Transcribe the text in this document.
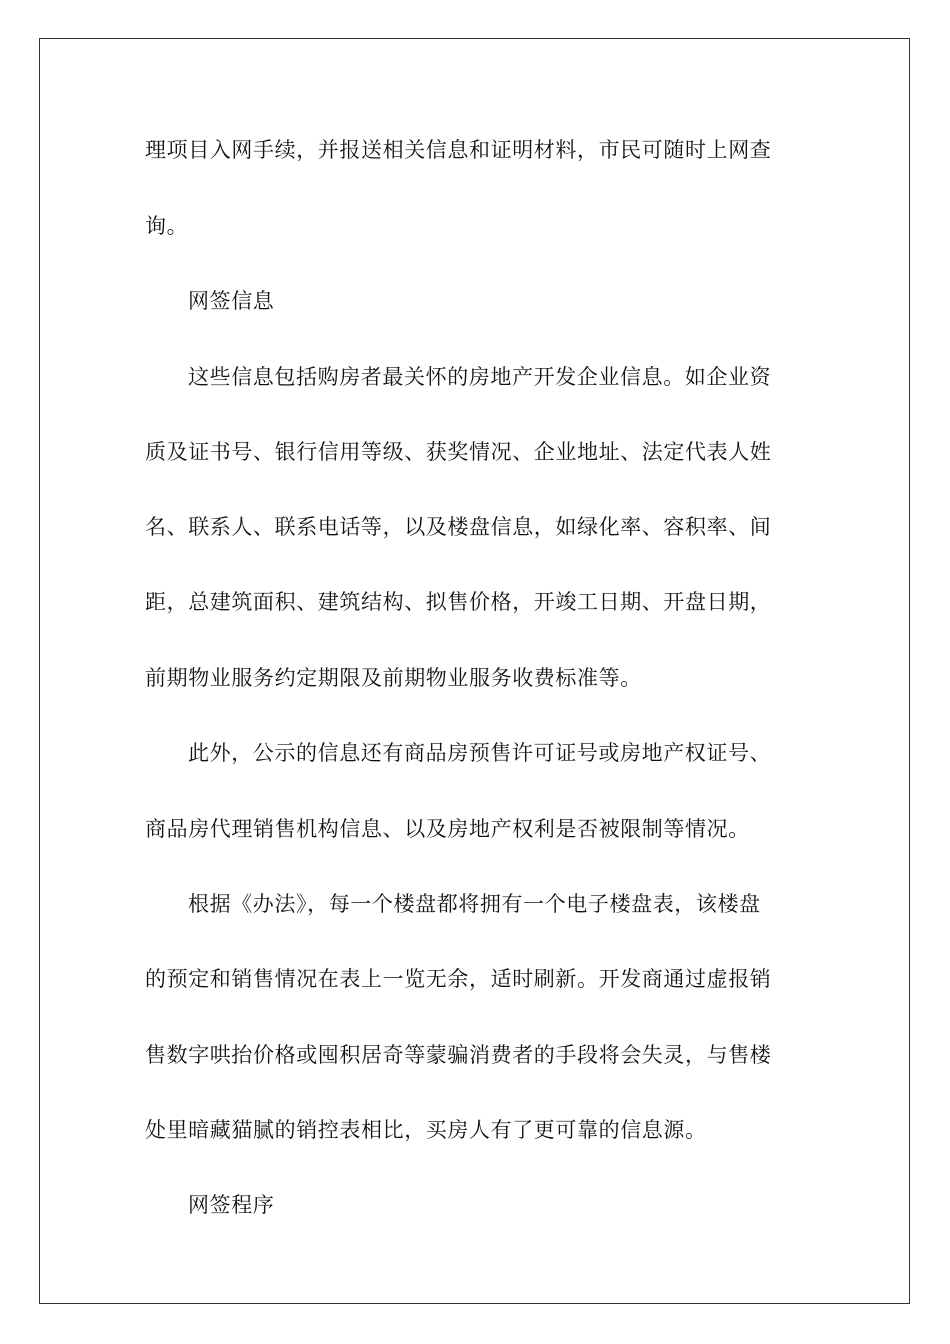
理项目入网手续，并报送相关信息和证明材料，市民可随时上网查
询。
网签信息
这些信息包括购房者最关怀的房地产开发企业信息。如企业资
质及证书号、银行信用等级、获奖情况、企业地址、法定代表人姓
名、联系人、联系电话等，以及楼盘信息，如绿化率、容积率、间
距，总建筑面积、建筑结构、拟售价格，开竣工日期、开盘日期，
前期物业服务约定期限及前期物业服务收费标准等。
此外，公示的信息还有商品房预售许可证号或房地产权证号、
商品房代理销售机构信息、以及房地产权利是否被限制等情况。
根据《办法》，每一个楼盘都将拥有一个电子楼盘表，该楼盘
的预定和销售情况在表上一览无余，适时刷新。开发商通过虚报销
售数字哄抬价格或囤积居奇等蒙骗消费者的手段将会失灵，与售楼
处里暗藏猫腻的销控表相比，买房人有了更可靠的信息源。
网签程序
